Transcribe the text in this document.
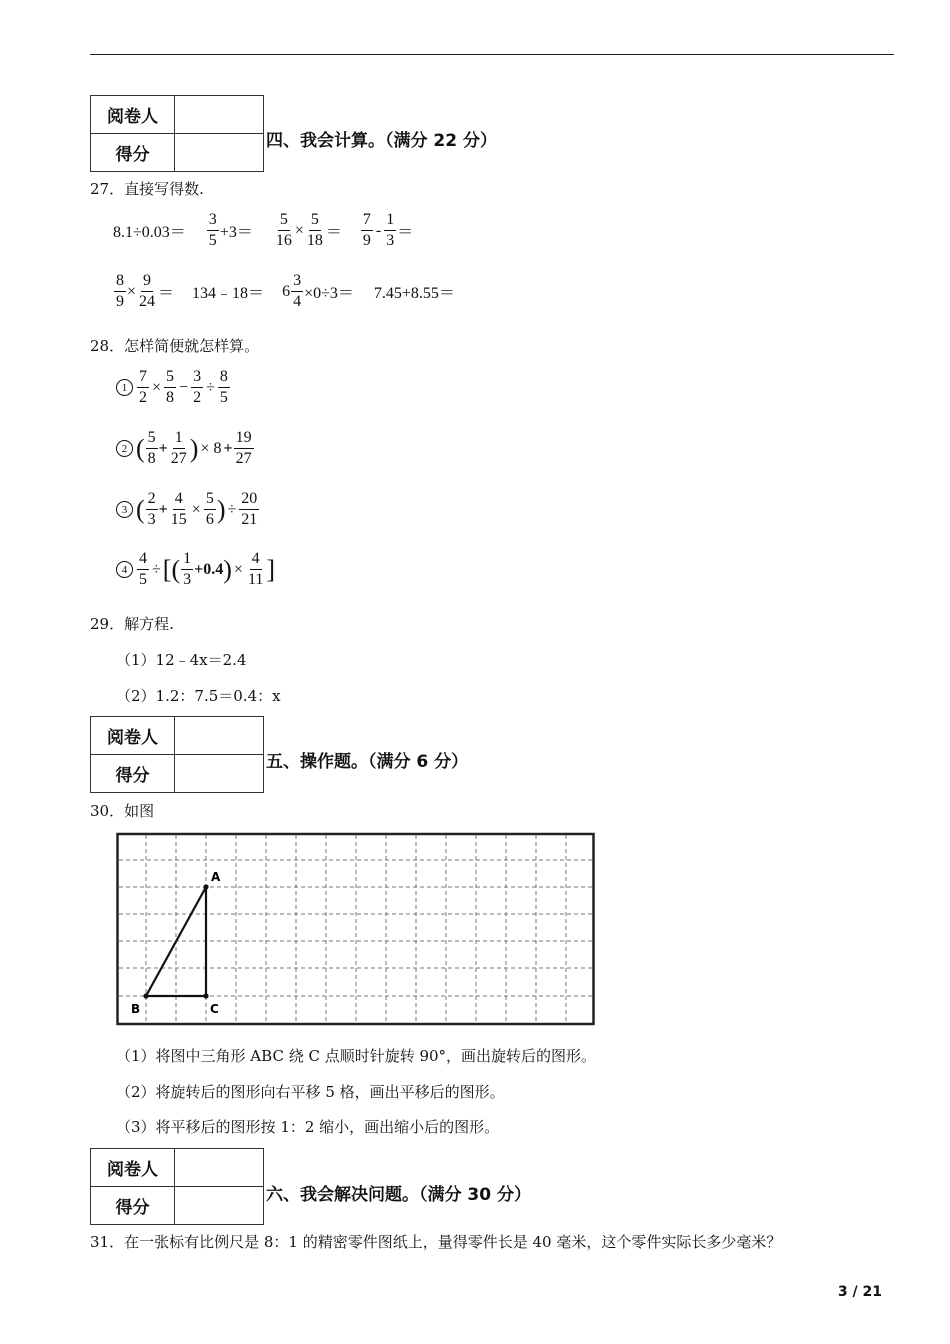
阅卷人	
得分	
四、我会计算。（满分 22 分）
27．直接写得数.
$8.1\div 0.03= \frac{3}{5} +3= \frac{5}{16} \times \frac{5}{18} = \frac{7}{9} - \frac{1}{3}$ ＝
$\frac{8}{9} \times \frac{9}{24}$ ＝ 134﹣18＝ $6 \frac{3}{4} \times 0\div 3= 7.45+8.55=$
28．怎样简便就怎样算。
$1 \frac{7}{2} \times \frac{5}{8} - \frac{3}{2} \div \frac{8}{5}$
2 ( $\frac{5}{8} + \frac{1}{27}$ ) × $8 + \frac{19}{27}$
3 ( $\frac{2}{3} + \frac{4}{15} \times \frac{5}{6}$ ) ÷ $\frac{20}{21}$
$4 \frac{4}{5}$ ÷ [ ( $\frac{1}{3} +0.4$ ) × $\frac{4}{11}$ ]
29．解方程.
（1）12﹣4x＝2.4
（2）1.2：7.5＝0.4：x
阅卷人	
得分	
五、操作题。（满分 6 分）
30．如图
A
B	C
（1）将图中三角形 ABC 绕 C 点顺时针旋转 90°，画出旋转后的图形。
（2）将旋转后的图形向右平移 5 格，画出平移后的图形。
（3）将平移后的图形按 1：2 缩小，画出缩小后的图形。
阅卷人	
得分	
六、我会解决问题。（满分 30 分）
31．在一张标有比例尺是 8：1 的精密零件图纸上，量得零件长是 40 毫米，这个零件实际长多少毫米？
3 / 21
